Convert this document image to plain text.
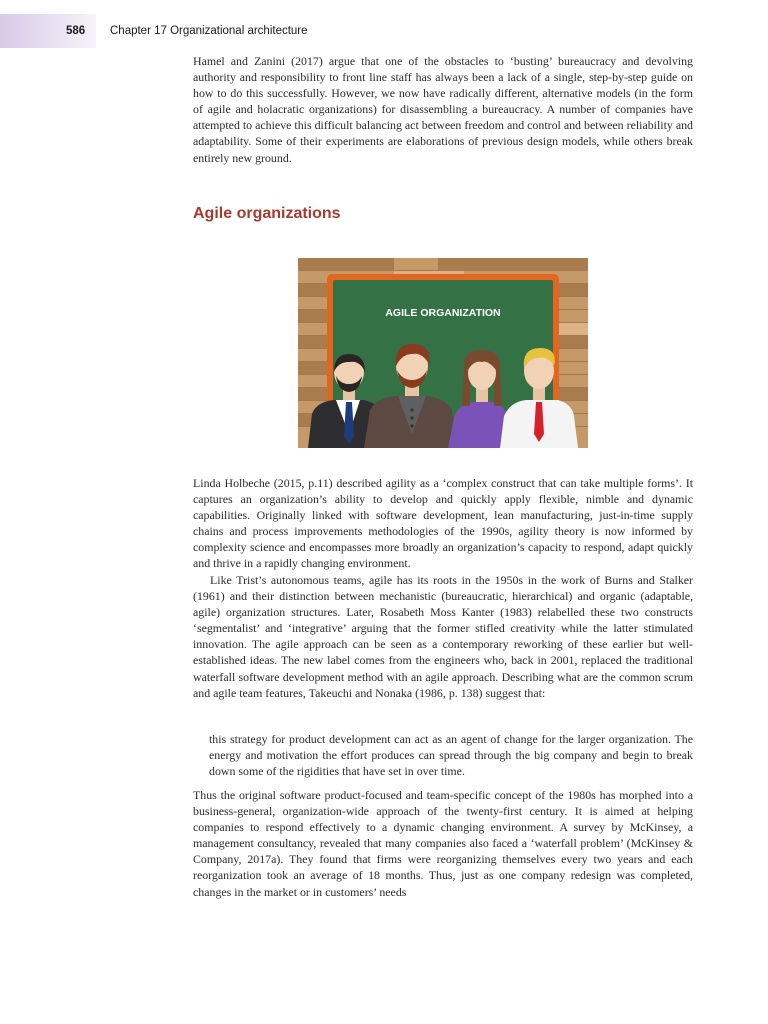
586 Chapter 17 Organizational architecture

Hamel and Zanini (2017) argue that one of the obstacles to ‘busting’ bureaucracy and devolving authority and responsibility to front line staff has always been a lack of a single, step-by-step guide on how to do this successfully. However, we now have radically different, alternative models (in the form of agile and holacratic organizations) for disassembling a bureaucracy. A number of companies have attempted to achieve this difficult balancing act between freedom and control and between reliability and adaptability. Some of their experiments are elaborations of previous design models, while others break entirely new ground.

Agile organizations
AGILE ORGANIZATION

Linda Holbeche (2015, p.11) described agility as a ‘complex construct that can take multiple forms’. It captures an organization’s ability to develop and quickly apply flexible, nimble and dynamic capabilities. Originally linked with software development, lean manufacturing, just-in-time supply chains and process improvements methodologies of the 1990s, agility theory is now informed by complexity science and encompasses more broadly an organization’s capacity to respond, adapt quickly and thrive in a rapidly changing environment.

Like Trist’s autonomous teams, agile has its roots in the 1950s in the work of Burns and Stalker (1961) and their distinction between mechanistic (bureaucratic, hierarchical) and organic (adaptable, agile) organization structures. Later, Rosabeth Moss Kanter (1983) relabelled these two constructs ‘segmentalist’ and ‘integrative’ arguing that the former stifled creativity while the latter stimulated innovation. The agile approach can be seen as a contemporary reworking of these earlier but well-established ideas. The new label comes from the engineers who, back in 2001, replaced the traditional waterfall software development method with an agile approach. Describing what are the common scrum and agile team features, Takeuchi and Nonaka (1986, p. 138) suggest that:

this strategy for product development can act as an agent of change for the larger organization. The energy and motivation the effort produces can spread through the big company and begin to break down some of the rigidities that have set in over time.

Thus the original software product-focused and team-specific concept of the 1980s has morphed into a business-general, organization-wide approach of the twenty-first century. It is aimed at helping companies to respond effectively to a dynamic changing environment. A survey by McKinsey, a management consultancy, revealed that many companies also faced a ‘waterfall problem’ (McKinsey & Company, 2017a). They found that firms were reorganizing themselves every two years and each reorganization took an average of 18 months. Thus, just as one company redesign was completed, changes in the market or in customers’ needs
